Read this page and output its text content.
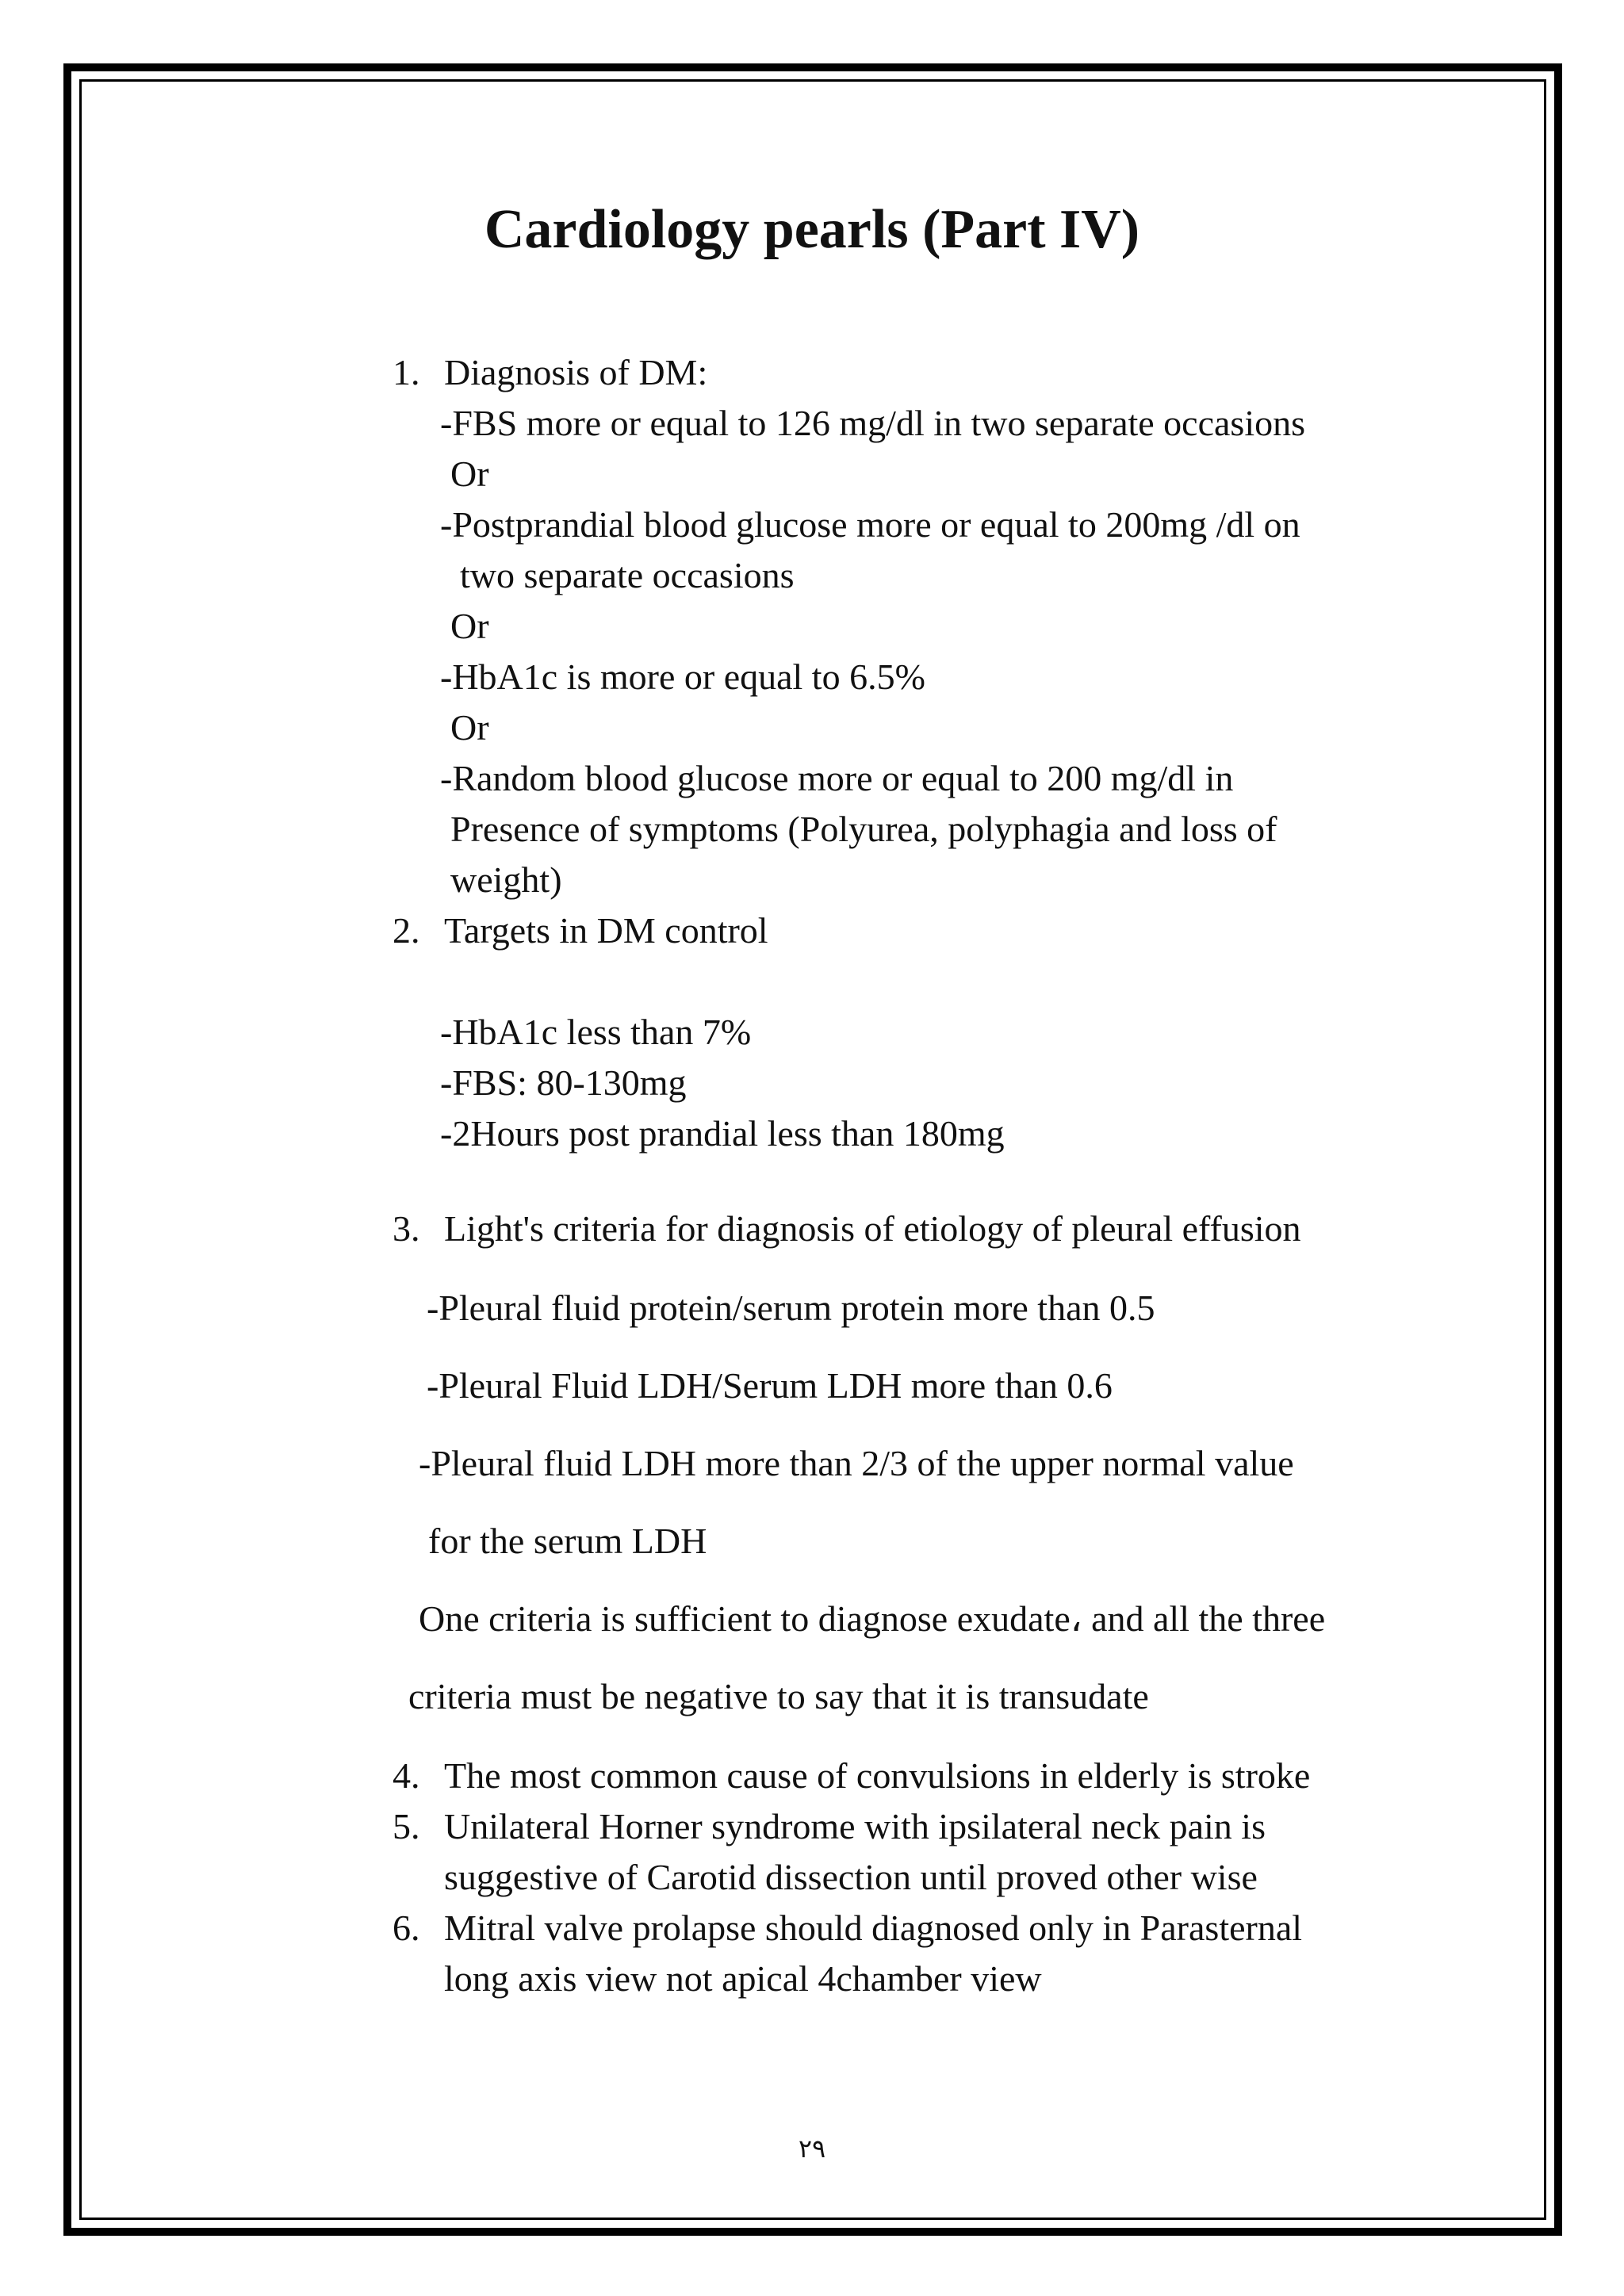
Cardiology pearls (Part IV)
1. Diagnosis of DM:
-FBS more or equal to 126 mg/dl in two separate occasions
Or
-Postprandial blood glucose more or equal to 200mg /dl on
two separate occasions
Or
-HbA1c is more or equal to 6.5%
Or
-Random blood glucose more or equal to 200 mg/dl in
Presence of symptoms (Polyurea, polyphagia and loss of
weight)
2. Targets in DM control
-HbA1c less than 7%
-FBS: 80-130mg
-2Hours post prandial less than 180mg
3. Light's criteria for diagnosis of etiology of pleural effusion
-Pleural fluid protein/serum protein more than 0.5
-Pleural Fluid LDH/Serum LDH more than 0.6
-Pleural fluid LDH more than 2/3 of the upper normal value
for the serum LDH
One criteria is sufficient to diagnose exudate، and all the three
criteria must be negative to say that it is transudate
4. The most common cause of convulsions in elderly is stroke
5. Unilateral Horner syndrome with ipsilateral neck pain is
suggestive of Carotid dissection until proved other wise
6. Mitral valve prolapse should diagnosed only in Parasternal
long axis view not apical 4chamber view
٢٩
